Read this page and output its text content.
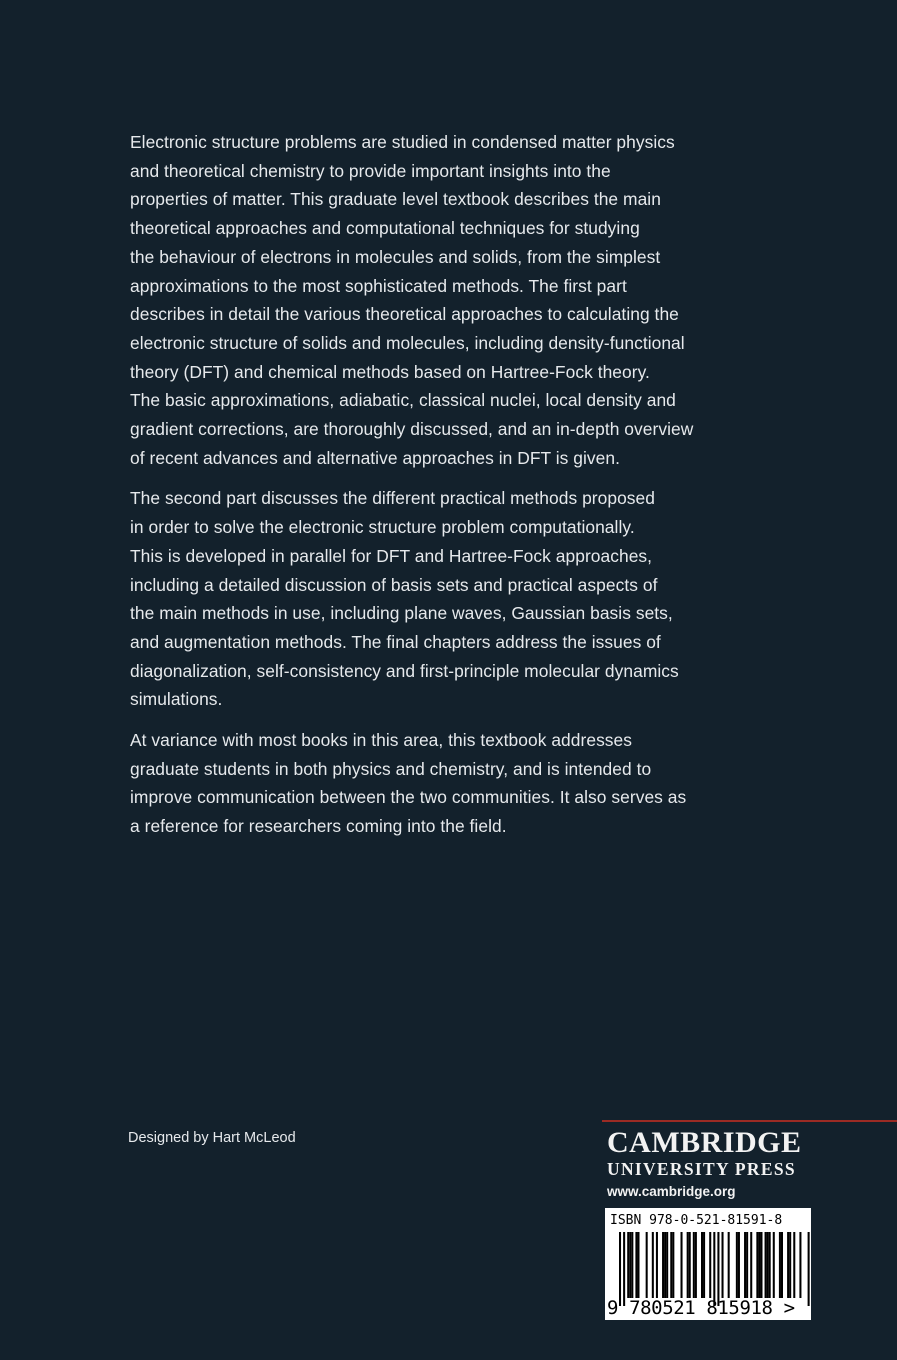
Electronic structure problems are studied in condensed matter physics
and theoretical chemistry to provide important insights into the
properties of matter. This graduate level textbook describes the main
theoretical approaches and computational techniques for studying
the behaviour of electrons in molecules and solids, from the simplest
approximations to the most sophisticated methods. The first part
describes in detail the various theoretical approaches to calculating the
electronic structure of solids and molecules, including density-functional
theory (DFT) and chemical methods based on Hartree-Fock theory.
The basic approximations, adiabatic, classical nuclei, local density and
gradient corrections, are thoroughly discussed, and an in-depth overview
of recent advances and alternative approaches in DFT is given.

The second part discusses the different practical methods proposed
in order to solve the electronic structure problem computationally.
This is developed in parallel for DFT and Hartree-Fock approaches,
including a detailed discussion of basis sets and practical aspects of
the main methods in use, including plane waves, Gaussian basis sets,
and augmentation methods. The final chapters address the issues of
diagonalization, self-consistency and first-principle molecular dynamics
simulations.

At variance with most books in this area, this textbook addresses
graduate students in both physics and chemistry, and is intended to
improve communication between the two communities. It also serves as
a reference for researchers coming into the field.

Designed by Hart McLeod	CAMBRIDGE
UNIVERSITY PRESS
www.cambridge.org
ISBN 978-0-521-81591-8
9 780521 815918 >
